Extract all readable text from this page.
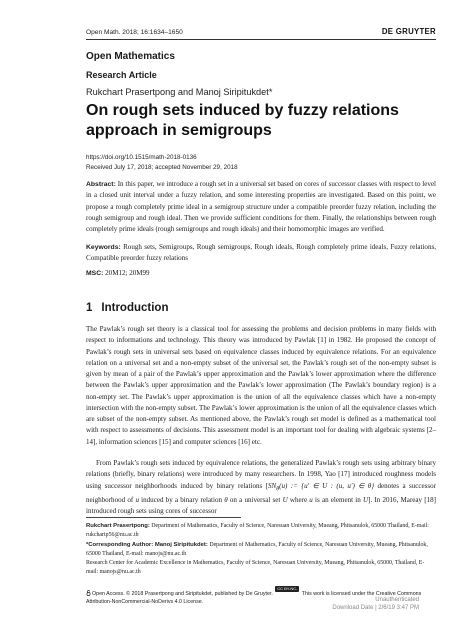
Open Math. 2018; 16:1634–1650	DE GRUYTER
Open Mathematics
Research Article
Rukchart Prasertpong and Manoj Siripitukdet*
On rough sets induced by fuzzy relations approach in semigroups
https://doi.org/10.1515/math-2018-0136
Received July 17, 2018; accepted November 29, 2018
Abstract: In this paper, we introduce a rough set in a universal set based on cores of successor classes with respect to level in a closed unit interval under a fuzzy relation, and some interesting properties are investigated. Based on this point, we propose a rough completely prime ideal in a semigroup structure under a compatible preorder fuzzy relation, including the rough semigroup and rough ideal. Then we provide sufficient conditions for them. Finally, the relationships between rough completely prime ideals (rough semigroups and rough ideals) and their homomorphic images are verified.
Keywords: Rough sets, Semigroups, Rough semigroups, Rough ideals, Rough completely prime ideals, Fuzzy relations, Compatible preorder fuzzy relations
MSC: 20M12; 20M99
1 Introduction
The Pawlak’s rough set theory is a classical tool for assessing the problems and decision problems in many fields with respect to informations and technology. This theory was introduced by Pawlak [1] in 1982. He proposed the concept of Pawlak’s rough sets in universal sets based on equivalence classes induced by equivalence relations. For an equivalence relation on a universal set and a non-empty subset of the universal set, the Pawlak’s rough set of the non-empty subset is given by mean of a pair of the Pawlak’s upper approximation and the Pawlak’s lower approximation where the difference between the Pawlak’s upper approximation and the Pawlak’s lower approximation (The Pawlak’s boundary region) is a non-empty set. The Pawlak’s upper approximation is the union of all the equivalence classes which have a non-empty intersection with the non-empty subset. The Pawlak’s lower approximation is the union of all the equivalence classes which are subset of the non-empty subset. As mentioned above, the Pawlak’s rough set model is defined as a mathematical tool with respect to assessments of decisions. This assessment model is an important tool for dealing with algebraic systems [2–14], information sciences [15] and computer sciences [16] etc.
From Pawlak’s rough sets induced by equivalence relations, the generalized Pawlak’s rough sets using arbitrary binary relations (briefly, binary relations) were introduced by many researchers. In 1998, Yao [17] introduced roughness models using successor neighborhoods induced by binary relations [$SN_\theta(u)$ := {u′ ∈ U : (u, u′) ∈ θ} denotes a successor neighborhood of u induced by a binary relation θ on a universal set U where u is an element in U]. In 2016, Mareay [18] introduced rough sets using cores of successor
Rukchart Prasertpong: Department of Mathematics, Faculty of Science, Naresuan University, Mueang, Phitsanulok, 65000 Thailand, E-mail: rukchartp56@nu.ac.th
*Corresponding Author: Manoj Siripitukdet: Department of Mathematics, Faculty of Science, Naresuan University, Mueang, Phitsanulok, 65000 Thailand, E-mail: manojs@nu.ac.th
Research Center for Academic Excellence in Mathematics, Faculty of Science, Naresuan University, Mueang, Phitsanulok, 65000, Thailand, E-mail: manojs@nu.ac.th
Open Access. © 2018 Prasertpong and Siripitukdet, published by De Gruyter. CC BY-NC-ND This work is licensed under the Creative Commons Attribution-NonCommercial-NoDerivs 4.0 License.	Unauthenticated
Download Date | 2/6/19 3:47 PM
